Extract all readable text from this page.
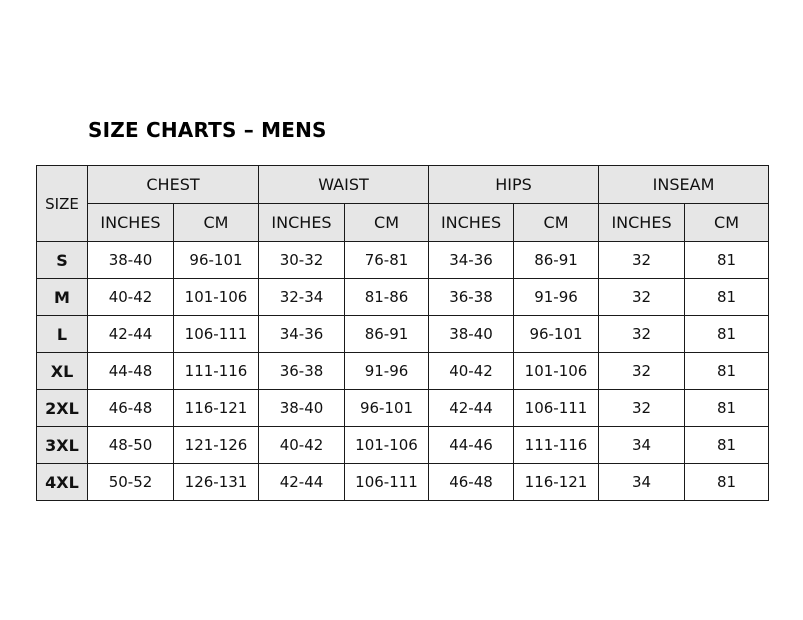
SIZE CHARTS – MENS
SIZE	CHEST		WAIST		HIPS		INSEAM	
	INCHES	CM	INCHES	CM	INCHES	CM	INCHES	CM
S	38-40	96-101	30-32	76-81	34-36	86-91	32	81
M	40-42	101-106	32-34	81-86	36-38	91-96	32	81
L	42-44	106-111	34-36	86-91	38-40	96-101	32	81
XL	44-48	111-116	36-38	91-96	40-42	101-106	32	81
2XL	46-48	116-121	38-40	96-101	42-44	106-111	32	81
3XL	48-50	121-126	40-42	101-106	44-46	111-116	34	81
4XL	50-52	126-131	42-44	106-111	46-48	116-121	34	81
